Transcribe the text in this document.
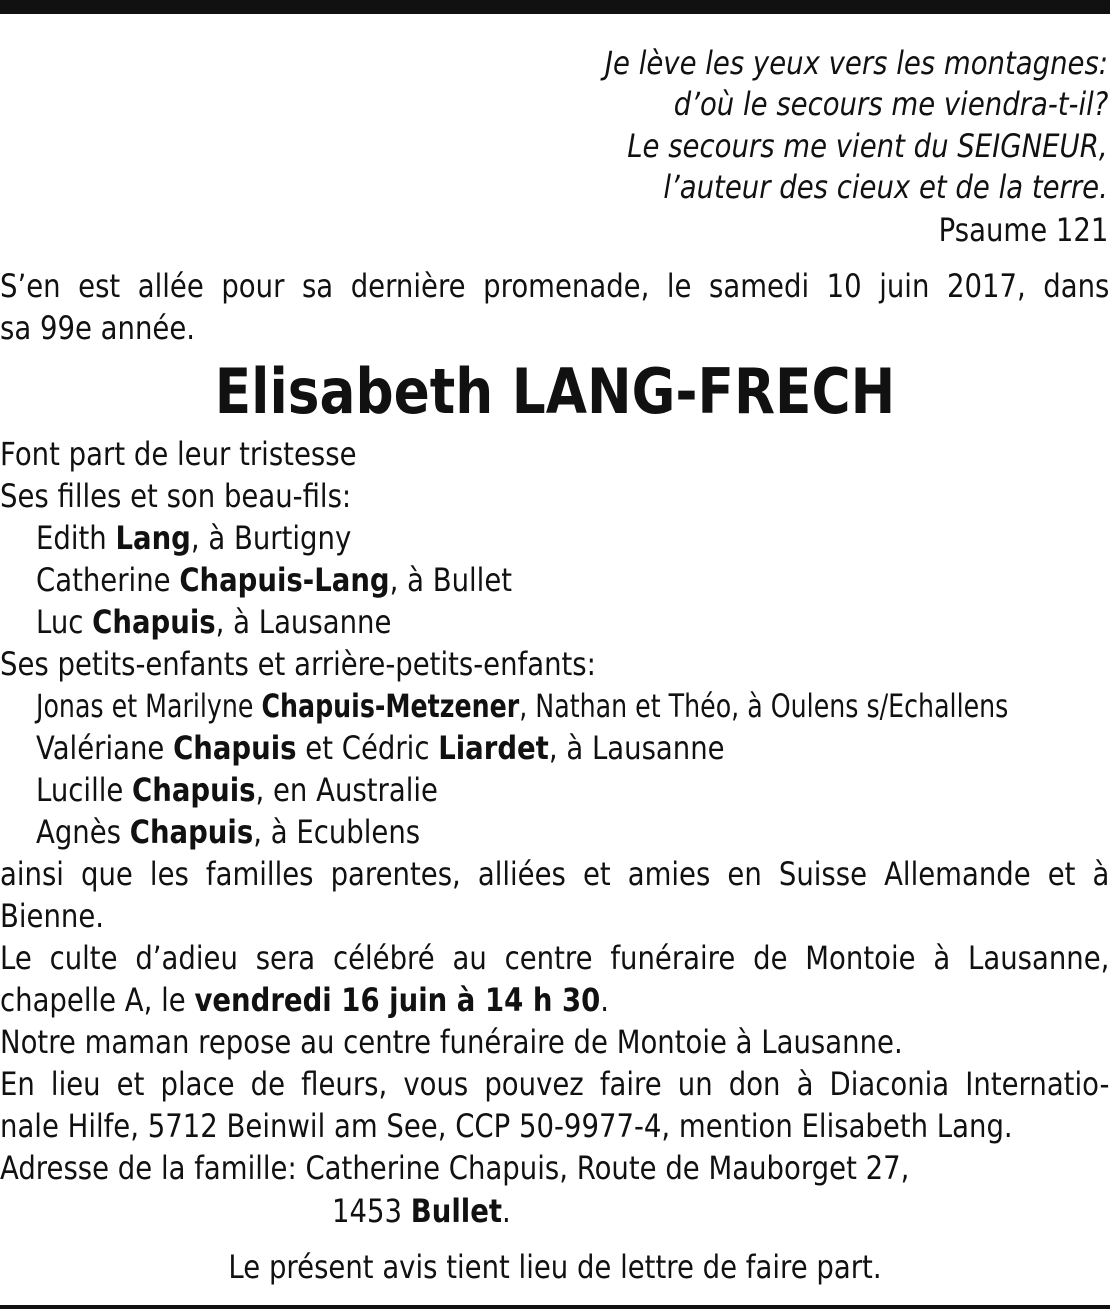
Je lève les yeux vers les montagnes:
d’où le secours me viendra-t-il?
Le secours me vient du SEIGNEUR,
l’auteur des cieux et de la terre.
Psaume 121
S’en est allée pour sa dernière promenade, le samedi 10 juin 2017, dans
sa 99e année.
Elisabeth LANG-FRECH
Font part de leur tristesse
Ses filles et son beau-fils:
Edith Lang, à Burtigny
Catherine Chapuis-Lang, à Bullet
Luc Chapuis, à Lausanne
Ses petits-enfants et arrière-petits-enfants:
Jonas et Marilyne Chapuis-Metzener, Nathan et Théo, à Oulens s/Echallens
Valériane Chapuis et Cédric Liardet, à Lausanne
Lucille Chapuis, en Australie
Agnès Chapuis, à Ecublens
ainsi que les familles parentes, alliées et amies en Suisse Allemande et à
Bienne.
Le culte d’adieu sera célébré au centre funéraire de Montoie à Lausanne,
chapelle A, le vendredi 16 juin à 14 h 30.
Notre maman repose au centre funéraire de Montoie à Lausanne.
En lieu et place de fleurs, vous pouvez faire un don à Diaconia Internatio-
nale Hilfe, 5712 Beinwil am See, CCP 50-9977-4, mention Elisabeth Lang.
Adresse de la famille: Catherine Chapuis, Route de Mauborget 27,
1453 Bullet.
Le présent avis tient lieu de lettre de faire part.
